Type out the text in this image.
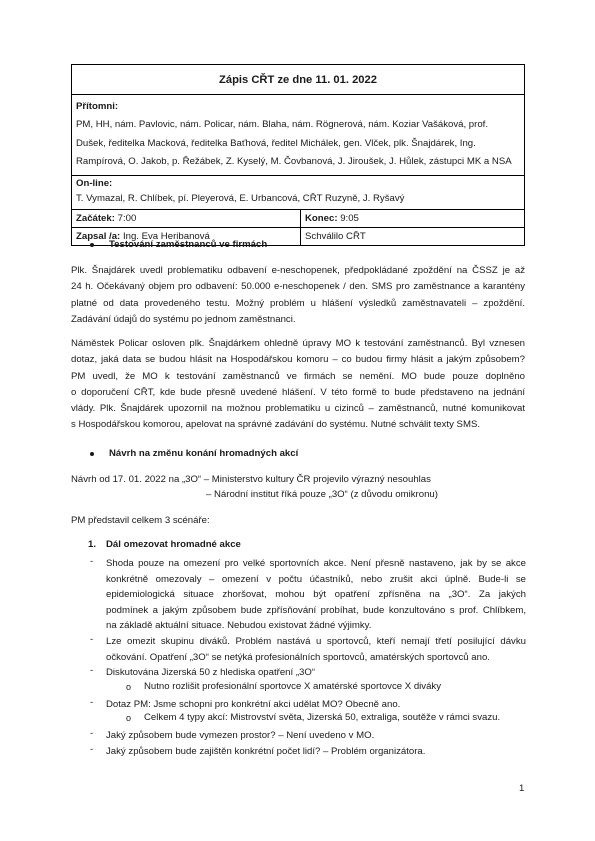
Zápis CŘT ze dne 11. 01. 2022
Přítomni:
PM, HH, nám. Pavlovic, nám. Policar, nám. Blaha, nám. Rögnerová, nám. Koziar Vašáková, prof.
Dušek, ředitelka Macková, ředitelka Baťhová, ředitel Michálek, gen. Vlček, plk. Šnajdárek, Ing.
Rampírová, O. Jakob, p. Řežábek, Z. Kyselý, M. Čovbanová, J. Jiroušek, J. Hůlek, zástupci MK a NSA
On-line:
T. Vymazal, R. Chlíbek, pí. Pleyerová, E. Urbancová, CŘT Ruzyně, J. Ryšavý
Začátek: 7:00	Konec: 9:05
Zapsal /a: Ing. Eva Heribanová	Schválilo CŘT
Testování zaměstnanců ve firmách
Plk. Šnajdárek uvedl problematiku odbavení e-neschopenek, předpokládané zpoždění na ČSSZ je až
24 h. Očekávaný objem pro odbavení: 50.000 e-neschopenek / den. SMS pro zaměstnance a karantény
platné od data provedeného testu. Možný problém u hlášení výsledků zaměstnavateli – zpoždění.
Zadávání údajů do systému po jednom zaměstnanci.
Náměstek Policar osloven plk. Šnajdárkem ohledně úpravy MO k testování zaměstnanců. Byl vznesen
dotaz, jaká data se budou hlásit na Hospodářskou komoru – co budou firmy hlásit a jakým způsobem?
PM uvedl, že MO k testování zaměstnanců ve firmách se nemění. MO bude pouze doplněno
o doporučení CŘT, kde bude přesně uvedené hlášení. V této formě to bude představeno na jednání
vlády. Plk. Šnajdárek upozornil na možnou problematiku u cizinců – zaměstnanců, nutné komunikovat
s Hospodářskou komorou, apelovat na správné zadávání do systému. Nutné schválit texty SMS.
Návrh na změnu konání hromadných akcí
Návrh od 17. 01. 2022 na „3O“ – Ministerstvo kultury ČR projevilo výrazný nesouhlas
– Národní institut říká pouze „3O“ (z důvodu omikronu)
PM představil celkem 3 scénáře:
1. Dál omezovat hromadné akce
- Shoda pouze na omezení pro velké sportovních akce. Není přesně nastaveno, jak by se akce
konkrétně omezovaly – omezení v počtu účastníků, nebo zrušit akci úplně. Bude-li se
epidemiologická situace zhoršovat, mohou být opatření zpřísněna na „3O“. Za jakých
podmínek a jakým způsobem bude zpřísňování probíhat, bude konzultováno s prof. Chlíbkem,
na základě aktuální situace. Nebudou existovat žádné výjimky.
- Lze omezit skupinu diváků. Problém nastává u sportovců, kteří nemají třetí posilující dávku
očkování. Opatření „3O“ se netýká profesionálních sportovců, amatérských sportovců ano.
- Diskutována Jizerská 50 z hlediska opatření „3O“
o Nutno rozlišit profesionální sportovce X amatérské sportovce X diváky
- Dotaz PM: Jsme schopni pro konkrétní akci udělat MO? Obecně ano.
o Celkem 4 typy akcí: Mistrovství světa, Jizerská 50, extraliga, soutěže v rámci svazu.
- Jaký způsobem bude vymezen prostor? – Není uvedeno v MO.
- Jaký způsobem bude zajištěn konkrétní počet lidí? – Problém organizátora.
1
